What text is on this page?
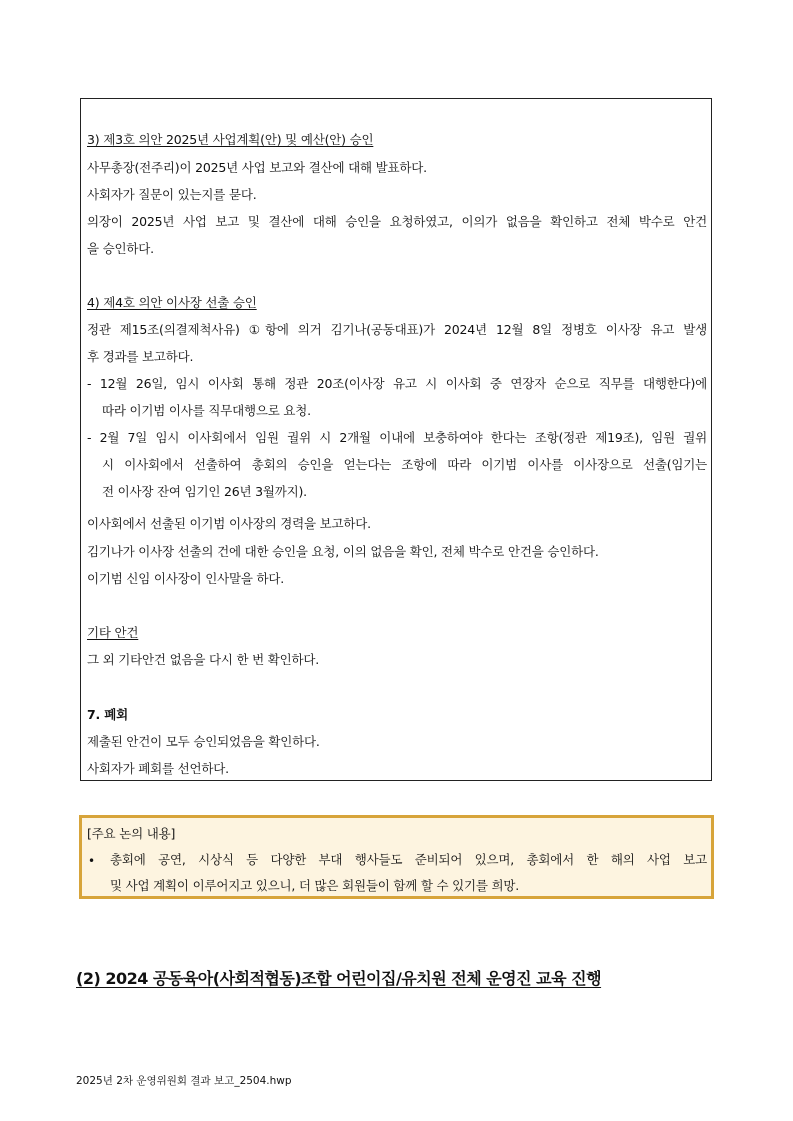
3) 제3호 의안 2025년 사업계획(안) 및 예산(안) 승인
사무총장(전주리)이 2025년 사업 보고와 결산에 대해 발표하다.
사회자가 질문이 있는지를 묻다.
의장이 2025년 사업 보고 및 결산에 대해 승인을 요청하였고, 이의가 없음을 확인하고 전체 박수로 안건
을 승인하다.
4) 제4호 의안 이사장 선출 승인
정관 제15조(의결제척사유) ①항에 의거 김기나(공동대표)가 2024년 12월 8일 정병호 이사장 유고 발생
후 경과를 보고하다.
- 12월 26일, 임시 이사회 통해 정관 20조(이사장 유고 시 이사회 중 연장자 순으로 직무를 대행한다)에
따라 이기범 이사를 직무대행으로 요청.
- 2월 7일 임시 이사회에서 임원 궐위 시 2개월 이내에 보충하여야 한다는 조항(정관 제19조), 임원 궐위
시 이사회에서 선출하여 총회의 승인을 얻는다는 조항에 따라 이기범 이사를 이사장으로 선출(임기는
전 이사장 잔여 임기인 26년 3월까지).
이사회에서 선출된 이기범 이사장의 경력을 보고하다.
김기나가 이사장 선출의 건에 대한 승인을 요청, 이의 없음을 확인, 전체 박수로 안건을 승인하다.
이기범 신임 이사장이 인사말을 하다.
기타 안건
그 외 기타안건 없음을 다시 한 번 확인하다.
7. 폐회
제출된 안건이 모두 승인되었음을 확인하다.
사회자가 폐회를 선언하다.
[주요 논의 내용]
• 총회에 공연, 시상식 등 다양한 부대 행사들도 준비되어 있으며, 총회에서 한 해의 사업 보고
및 사업 계획이 이루어지고 있으니, 더 많은 회원들이 함께 할 수 있기를 희망.
(2) 2024 공동육아(사회적협동)조합 어린이집/유치원 전체 운영진 교육 진행
2025년 2차 운영위원회 결과 보고_2504.hwp
